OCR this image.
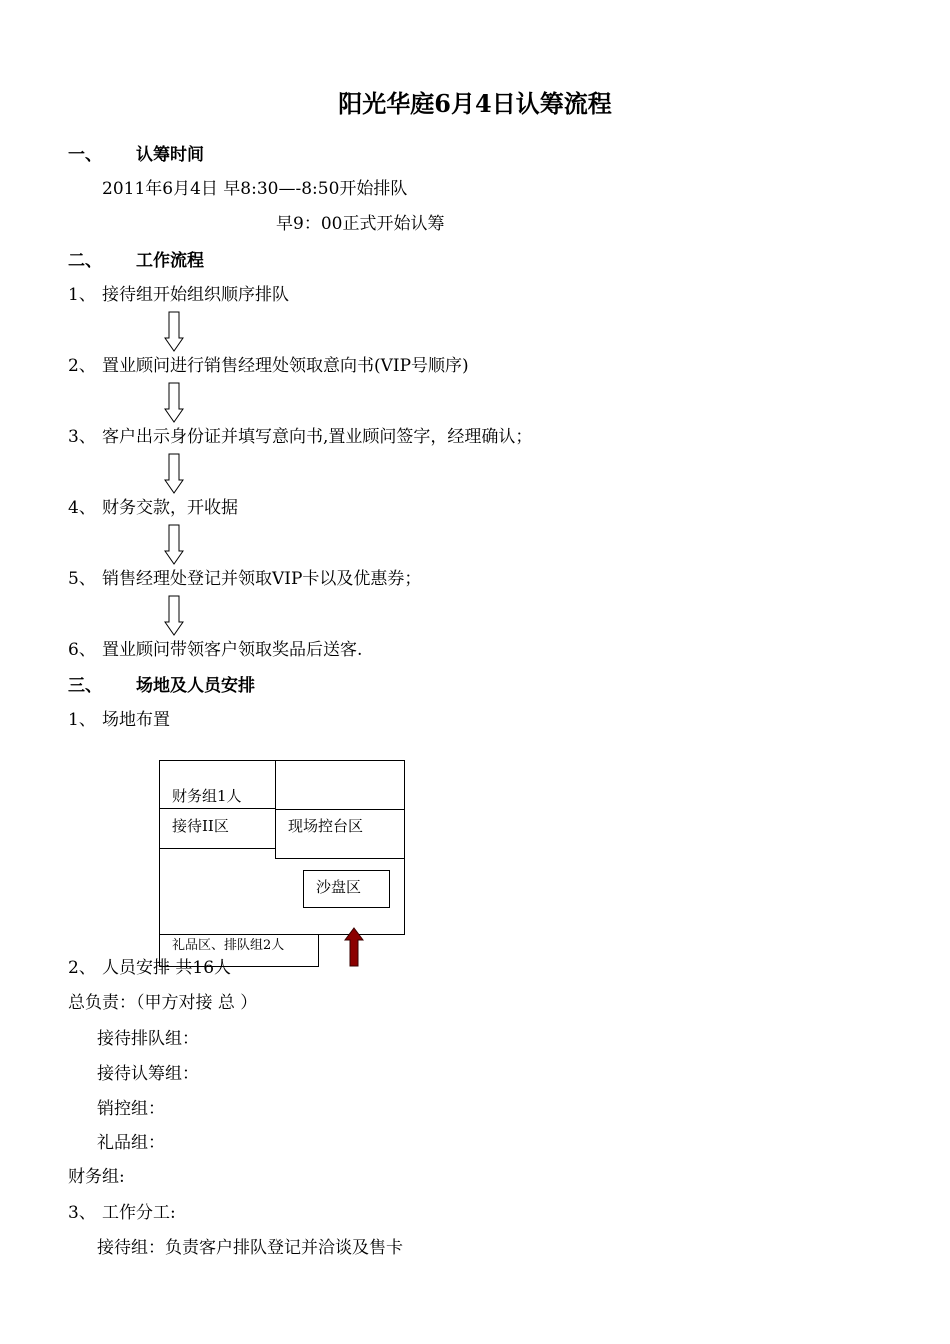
阳光华庭6月4日认筹流程
一、 认筹时间
2011年6月4日 早8:30—-8:50开始排队
早9：00正式开始认筹
二、 工作流程
1、 接待组开始组织顺序排队
2、 置业顾问进行销售经理处领取意向书(VIP号顺序)
3、 客户出示身份证并填写意向书,置业顾问签字，经理确认；
4、 财务交款，开收据
5、 销售经理处登记并领取VIP卡以及优惠券；
6、 置业顾问带领客户领取奖品后送客.
三、 场地及人员安排
1、 场地布置
财务组1人
接待II区	现场控台区
沙盘区
礼品区、排队组2人
2、 人员安排 共16人
总负责：（甲方对接 总 ）
接待排队组：
接待认筹组：
销控组：
礼品组：
财务组:
3、 工作分工:
接待组：负责客户排队登记并洽谈及售卡
